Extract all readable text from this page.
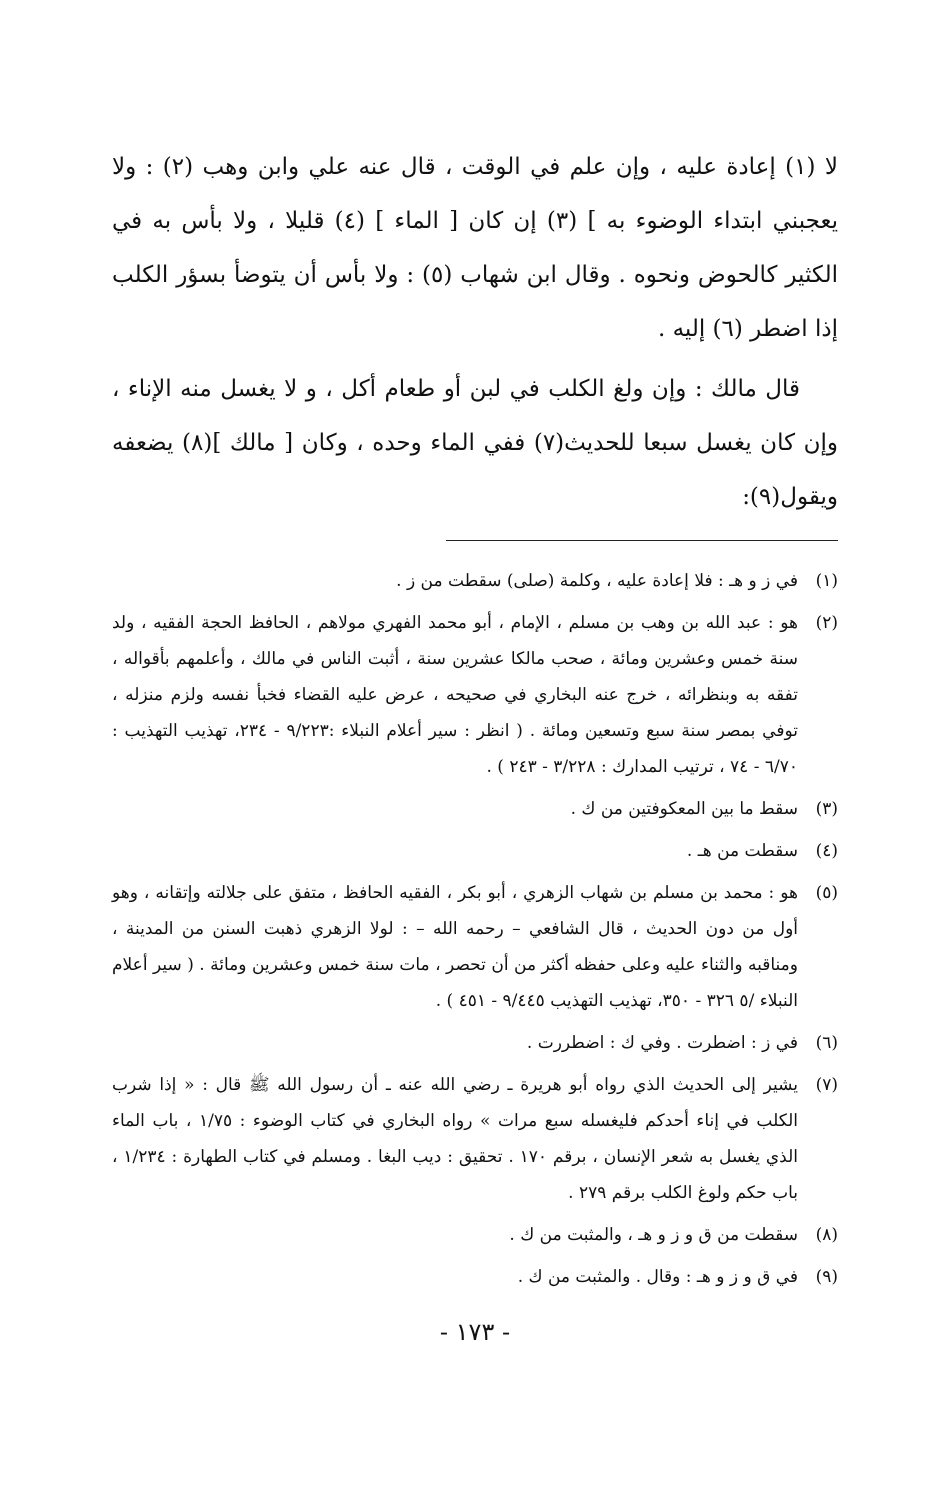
لا (١) إعادة عليه ، وإن علم في الوقت ، قال عنه علي وابن وهب (٢) : ولا يعجبني ابتداء الوضوء به ] (٣) إن كان [ الماء ] (٤) قليلا ، ولا بأس به في الكثير كالحوض ونحوه . وقال ابن شهاب (٥) : ولا بأس أن يتوضأ بسؤر الكلب إذا اضطر (٦) إليه .

قال مالك : وإن ولغ الكلب في لبن أو طعام أكل ، و لا يغسل منه الإناء ، وإن كان يغسل سبعا للحديث(٧) ففي الماء وحده ، وكان [ مالك ](٨) يضعفه ويقول(٩):

(١)
في ز و هـ : فلا إعادة عليه ، وكلمة (صلى) سقطت من ز .
(٢)
هو : عبد الله بن وهب بن مسلم ، الإمام ، أبو محمد الفهري مولاهم ، الحافظ الحجة الفقيه ، ولد سنة خمس وعشرين ومائة ، صحب مالكا عشرين سنة ، أثبت الناس في مالك ، وأعلمهم بأقواله ، تفقه به وبنظرائه ، خرج عنه البخاري في صحيحه ، عرض عليه القضاء فخبأ نفسه ولزم منزله ، توفي بمصر سنة سبع وتسعين ومائة . ( انظر : سير أعلام النبلاء :٩/٢٢٣ - ٢٣٤، تهذيب التهذيب : ٦/٧٠ - ٧٤ ، ترتيب المدارك : ٣/٢٢٨ - ٢٤٣ ) .
(٣)
سقط ما بين المعكوفتين من ك .
(٤)
سقطت من هـ .
(٥)
هو : محمد بن مسلم بن شهاب الزهري ، أبو بكر ، الفقيه الحافظ ، متفق على جلالته وإتقانه ، وهو أول من دون الحديث ، قال الشافعي – رحمه الله – : لولا الزهري ذهبت السنن من المدينة ، ومناقبه والثناء عليه وعلى حفظه أكثر من أن تحصر ، مات سنة خمس وعشرين ومائة . ( سير أعلام النبلاء /٥ ٣٢٦ - ٣٥٠، تهذيب التهذيب ٩/٤٤٥ - ٤٥١ ) .
(٦)
في ز : اضطرت . وفي ك : اضطررت .
(٧)
يشير إلى الحديث الذي رواه أبو هريرة ـ رضي الله عنه ـ أن رسول الله ﷺ قال : « إذا شرب الكلب في إناء أحدكم فليغسله سبع مرات » رواه البخاري في كتاب الوضوء : ١/٧٥ ، باب الماء الذي يغسل به شعر الإنسان ، برقم ١٧٠ . تحقيق : ديب البغا . ومسلم في كتاب الطهارة : ١/٢٣٤ ، باب حكم ولوغ الكلب برقم ٢٧٩ .
(٨)
سقطت من ق و ز و هـ ، والمثبت من ك .
(٩)
في ق و ز و هـ : وقال . والمثبت من ك .
- ١٧٣ -
